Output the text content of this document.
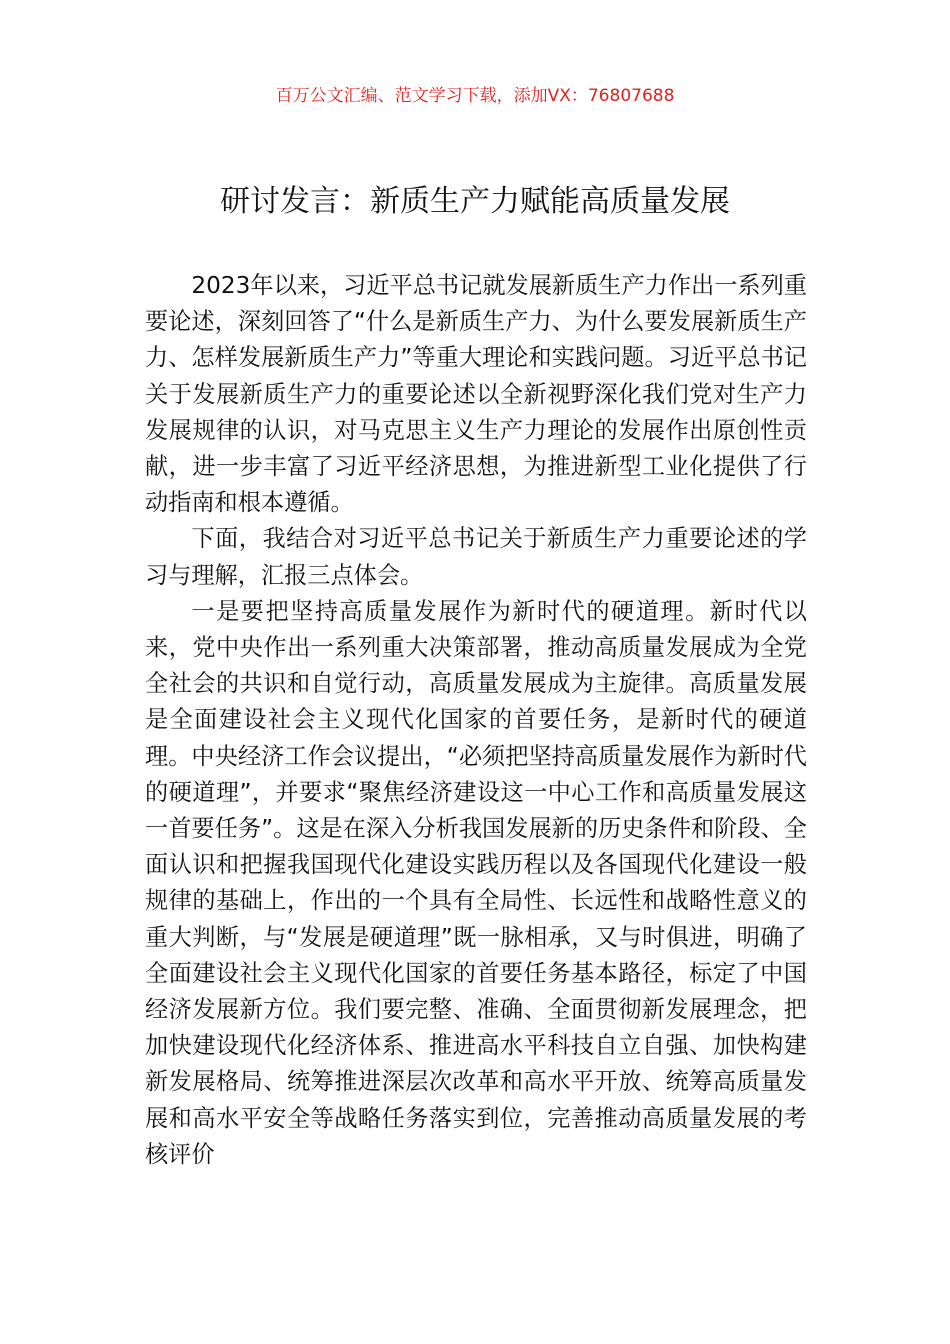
百万公文汇编、范文学习下载，添加VX：76807688
研讨发言：新质生产力赋能高质量发展

2023年以来，习近平总书记就发展新质生产力作出一系列重要论述，深刻回答了“什么是新质生产力、为什么要发展新质生产力、怎样发展新质生产力”等重大理论和实践问题。习近平总书记关于发展新质生产力的重要论述以全新视野深化我们党对生产力发展规律的认识，对马克思主义生产力理论的发展作出原创性贡献，进一步丰富了习近平经济思想，为推进新型工业化提供了行动指南和根本遵循。

下面，我结合对习近平总书记关于新质生产力重要论述的学习与理解，汇报三点体会。

一是要把坚持高质量发展作为新时代的硬道理。新时代以来，党中央作出一系列重大决策部署，推动高质量发展成为全党全社会的共识和自觉行动，高质量发展成为主旋律。高质量发展是全面建设社会主义现代化国家的首要任务，是新时代的硬道理。中央经济工作会议提出，“必须把坚持高质量发展作为新时代的硬道理”，并要求“聚焦经济建设这一中心工作和高质量发展这一首要任务”。这是在深入分析我国发展新的历史条件和阶段、全面认识和把握我国现代化建设实践历程以及各国现代化建设一般规律的基础上，作出的一个具有全局性、长远性和战略性意义的重大判断，与“发展是硬道理”既一脉相承，又与时俱进，明确了全面建设社会主义现代化国家的首要任务基本路径，标定了中国经济发展新方位。我们要完整、准确、全面贯彻新发展理念，把加快建设现代化经济体系、推进高水平科技自立自强、加快构建新发展格局、统筹推进深层次改革和高水平开放、统筹高质量发展和高水平安全等战略任务落实到位，完善推动高质量发展的考核评价
